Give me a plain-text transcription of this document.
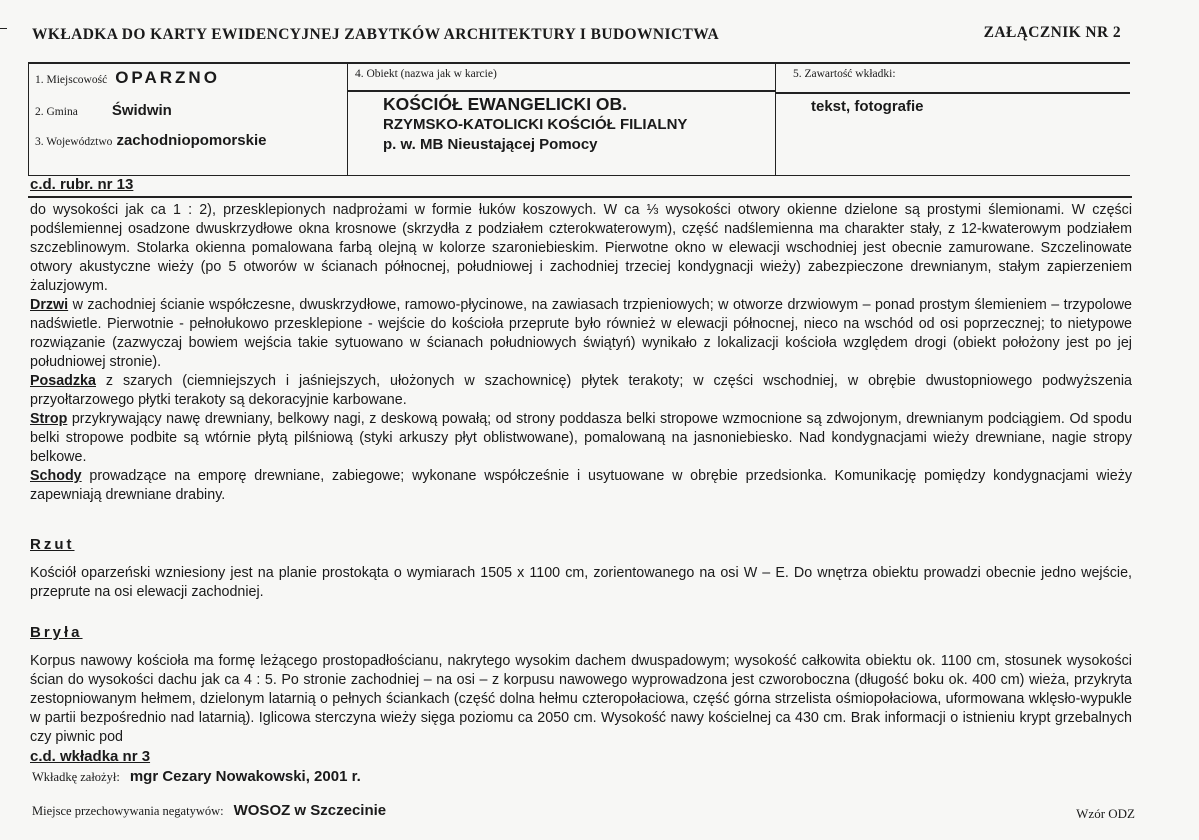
WKŁADKA DO KARTY EWIDENCYJNEJ ZABYTKÓW ARCHITEKTURY I BUDOWNICTWA	ZAŁĄCZNIK NR 2
1. Miejscowość OPARZNO
2. Gmina Świdwin
3. Województwo zachodniopomorskie
4. Obiekt (nazwa jak w karcie)
KOŚCIÓŁ EWANGELICKI OB.
RZYMSKO-KATOLICKI KOŚCIÓŁ FILIALNY
p. w. MB Nieustającej Pomocy
5. Zawartość wkładki:
tekst, fotografie
c.d. rubr. nr 13
do wysokości jak ca 1 : 2), przesklepionych nadprożami w formie łuków koszowych. W ca ⅓ wysokości otwory okienne dzielone są prostymi ślemionami. W części podślemiennej osadzone dwuskrzydłowe okna krosnowe (skrzydła z podziałem czterokwaterowym), część nadślemienna ma charakter stały, z 12-kwaterowym podziałem szczeblinowym. Stolarka okienna pomalowana farbą olejną w kolorze szaroniebieskim. Pierwotne okno w elewacji wschodniej jest obecnie zamurowane. Szczelinowate otwory akustyczne wieży (po 5 otworów w ścianach północnej, południowej i zachodniej trzeciej kondygnacji wieży) zabezpieczone drewnianym, stałym zapierzeniem żaluzjowym.
Drzwi w zachodniej ścianie współczesne, dwuskrzydłowe, ramowo-płycinowe, na zawiasach trzpieniowych; w otworze drzwiowym – ponad prostym ślemieniem – trzypolowe nadświetle. Pierwotnie - pełnołukowo przesklepione - wejście do kościoła przeprute było również w elewacji północnej, nieco na wschód od osi poprzecznej; to nietypowe rozwiązanie (zazwyczaj bowiem wejścia takie sytuowano w ścianach południowych świątyń) wynikało z lokalizacji kościoła względem drogi (obiekt położony jest po jej południowej stronie).
Posadzka z szarych (ciemniejszych i jaśniejszych, ułożonych w szachownicę) płytek terakoty; w części wschodniej, w obrębie dwustopniowego podwyższenia przyołtarzowego płytki terakoty są dekoracyjnie karbowane.
Strop przykrywający nawę drewniany, belkowy nagi, z deskową powałą; od strony poddasza belki stropowe wzmocnione są zdwojonym, drewnianym podciągiem. Od spodu belki stropowe podbite są wtórnie płytą pilśniową (styki arkuszy płyt oblistwowane), pomalowaną na jasnoniebiesko. Nad kondygnacjami wieży drewniane, nagie stropy belkowe.
Schody prowadzące na emporę drewniane, zabiegowe; wykonane współcześnie i usytuowane w obrębie przedsionka. Komunikację pomiędzy kondygnacjami wieży zapewniają drewniane drabiny.
Rzut
Kościół oparzeński wzniesiony jest na planie prostokąta o wymiarach 1505 x 1100 cm, zorientowanego na osi W – E. Do wnętrza obiektu prowadzi obecnie jedno wejście, przeprute na osi elewacji zachodniej.
Bryła
Korpus nawowy kościoła ma formę leżącego prostopadłościanu, nakrytego wysokim dachem dwuspadowym; wysokość całkowita obiektu ok. 1100 cm, stosunek wysokości ścian do wysokości dachu jak ca 4 : 5. Po stronie zachodniej – na osi – z korpusu nawowego wyprowadzona jest czworoboczna (długość boku ok. 400 cm) wieża, przykryta zestopniowanym hełmem, dzielonym latarnią o pełnych ściankach (część dolna hełmu czteropołaciowa, część górna strzelista ośmiopołaciowa, uformowana wklęsło-wypukle w partii bezpośrednio nad latarnią). Iglicowa sterczyna wieży sięga poziomu ca 2050 cm. Wysokość nawy kościelnej ca 430 cm. Brak informacji o istnieniu krypt grzebalnych czy piwnic pod
c.d. wkładka nr 3
Wkładkę założył: mgr Cezary Nowakowski, 2001 r.
Miejsce przechowywania negatywów: WOSOZ w Szczecinie	Wzór ODZ
